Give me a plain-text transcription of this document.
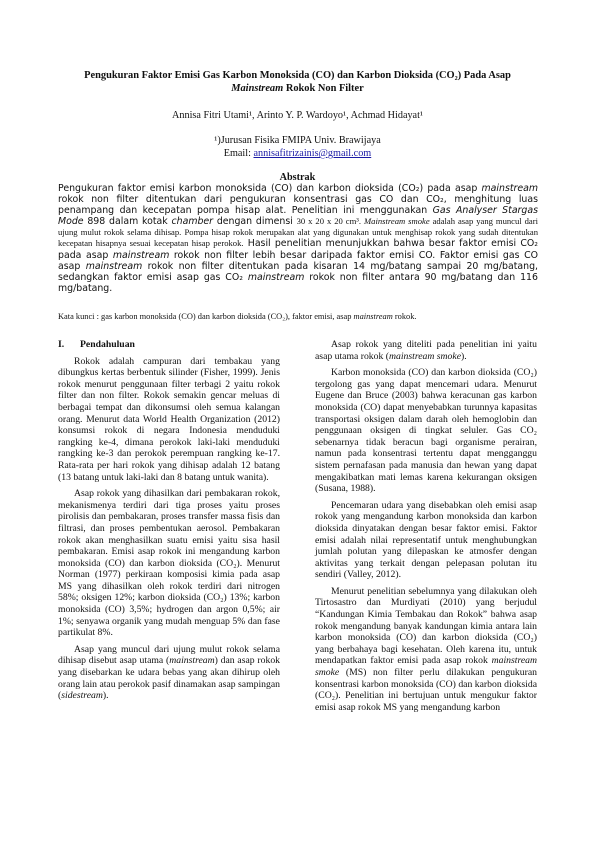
Pengukuran Faktor Emisi Gas Karbon Monoksida (CO) dan Karbon Dioksida (CO₂) Pada Asap
Mainstream Rokok Non Filter
Annisa Fitri Utami¹, Arinto Y. P. Wardoyo¹, Achmad Hidayat¹
¹)Jurusan Fisika FMIPA Univ. Brawijaya
Email: annisafitrizainis@gmail.com
Abstrak
Pengukuran faktor emisi karbon monoksida (CO) dan karbon dioksida (CO₂) pada asap mainstream rokok non filter ditentukan dari pengukuran konsentrasi gas CO dan CO₂, menghitung luas penampang dan kecepatan pompa hisap alat. Penelitian ini menggunakan Gas Analyser Stargas Mode 898 dalam kotak chamber dengan dimensi 30 x 20 x 20 cm³. Mainstream smoke adalah asap yang muncul dari ujung mulut rokok selama dihisap. Pompa hisap rokok merupakan alat yang digunakan untuk menghisap rokok yang sudah ditentukan kecepatan hisapnya sesuai kecepatan hisap perokok. Hasil penelitian menunjukkan bahwa besar faktor emisi CO₂ pada asap mainstream rokok non filter lebih besar daripada faktor emisi CO. Faktor emisi gas CO asap mainstream rokok non filter ditentukan pada kisaran 14 mg/batang sampai 20 mg/batang, sedangkan faktor emisi asap gas CO₂ mainstream rokok non filter antara 90 mg/batang dan 116 mg/batang.
Kata kunci : gas karbon monoksida (CO) dan karbon dioksida (CO₂), faktor emisi, asap mainstream rokok.

I. Pendahuluan

Rokok adalah campuran dari tembakau yang dibungkus kertas berbentuk silinder (Fisher, 1999). Jenis rokok menurut penggunaan filter terbagi 2 yaitu rokok filter dan non filter. Rokok semakin gencar meluas di berbagai tempat dan dikonsumsi oleh semua kalangan orang. Menurut data World Health Organization (2012) konsumsi rokok di negara Indonesia menduduki rangking ke-4, dimana perokok laki-laki menduduki rangking ke-3 dan perokok perempuan rangking ke-17. Rata-rata per hari rokok yang dihisap adalah 12 batang (13 batang untuk laki-laki dan 8 batang untuk wanita).

Asap rokok yang dihasilkan dari pembakaran rokok, mekanismenya terdiri dari tiga proses yaitu proses pirolisis dan pembakaran, proses transfer massa fisis dan filtrasi, dan proses pembentukan aerosol. Pembakaran rokok akan menghasilkan suatu emisi yaitu sisa hasil pembakaran. Emisi asap rokok ini mengandung karbon monoksida (CO) dan karbon dioksida (CO₂). Menurut Norman (1977) perkiraan komposisi kimia pada asap MS yang dihasilkan oleh rokok terdiri dari nitrogen 58%; oksigen 12%; karbon dioksida (CO₂) 13%; karbon monoksida (CO) 3,5%; hydrogen dan argon 0,5%; air 1%; senyawa organik yang mudah menguap 5% dan fase partikulat 8%.

Asap yang muncul dari ujung mulut rokok selama dihisap disebut asap utama (mainstream) dan asap rokok yang disebarkan ke udara bebas yang akan dihirup oleh orang lain atau perokok pasif dinamakan asap sampingan (sidestream).

Asap rokok yang diteliti pada penelitian ini yaitu asap utama rokok (mainstream smoke).

Karbon monoksida (CO) dan karbon dioksida (CO₂) tergolong gas yang dapat mencemari udara. Menurut Eugene dan Bruce (2003) bahwa keracunan gas karbon monoksida (CO) dapat menyebabkan turunnya kapasitas transportasi oksigen dalam darah oleh hemoglobin dan penggunaan oksigen di tingkat seluler. Gas CO₂ sebenarnya tidak beracun bagi organisme perairan, namun pada konsentrasi tertentu dapat mengganggu sistem pernafasan pada manusia dan hewan yang dapat mengakibatkan mati lemas karena kekurangan oksigen (Susana, 1988).

Pencemaran udara yang disebabkan oleh emisi asap rokok yang mengandung karbon monoksida dan karbon dioksida dinyatakan dengan besar faktor emisi. Faktor emisi adalah nilai representatif untuk menghubungkan jumlah polutan yang dilepaskan ke atmosfer dengan aktivitas yang terkait dengan pelepasan polutan itu sendiri (Valley, 2012).

Menurut penelitian sebelumnya yang dilakukan oleh Tirtosastro dan Murdiyati (2010) yang berjudul “Kandungan Kimia Tembakau dan Rokok” bahwa asap rokok mengandung banyak kandungan kimia antara lain karbon monoksida (CO) dan karbon dioksida (CO₂) yang berbahaya bagi kesehatan. Oleh karena itu, untuk mendapatkan faktor emisi pada asap rokok mainstream smoke (MS) non filter perlu dilakukan pengukuran konsentrasi karbon monoksida (CO) dan karbon dioksida (CO₂). Penelitian ini bertujuan untuk mengukur faktor emisi asap rokok MS yang mengandung karbon
